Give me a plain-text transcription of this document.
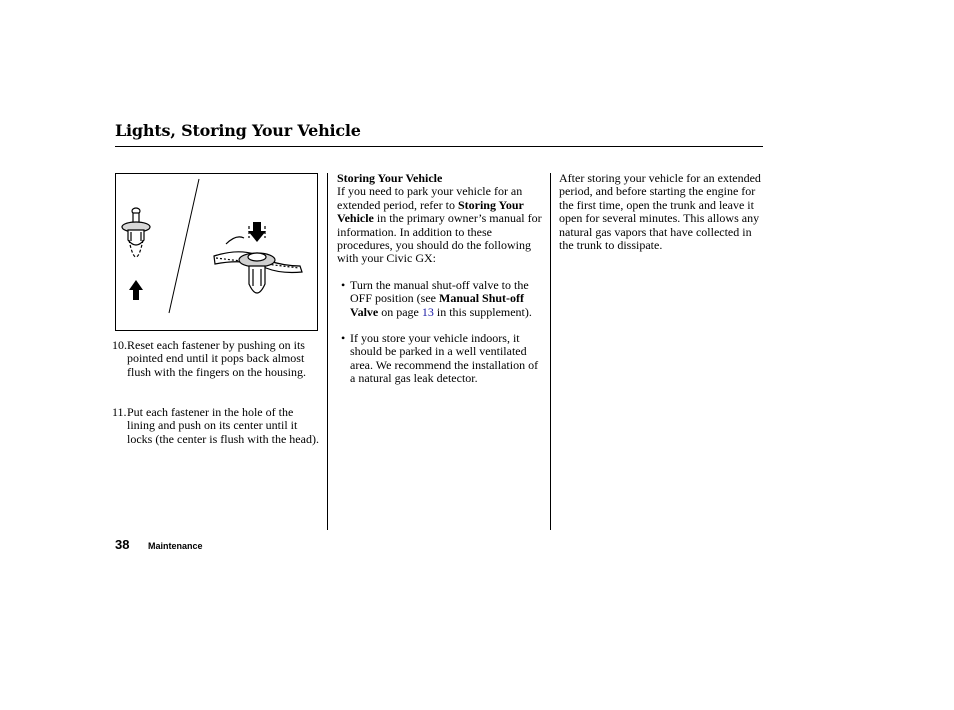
Lights, Storing Your Vehicle
10. Reset each fastener by pushing on its pointed end until it pops back almost flush with the fingers on the housing.

11. Put each fastener in the hole of the lining and push on its center until it locks (the center is flush with the head).

Storing Your Vehicle

If you need to park your vehicle for an extended period, refer to Storing Your Vehicle in the primary owner’s manual for information. In addition to these procedures, you should do the following with your Civic GX:

• Turn the manual shut-off valve to the OFF position (see Manual Shut-off Valve on page 13 in this supplement).

• If you store your vehicle indoors, it should be parked in a well ventilated area. We recommend the installation of a natural gas leak detector.

After storing your vehicle for an extended period, and before starting the engine for the first time, open the trunk and leave it open for several minutes. This allows any natural gas vapors that have collected in the trunk to dissipate.

38 Maintenance
